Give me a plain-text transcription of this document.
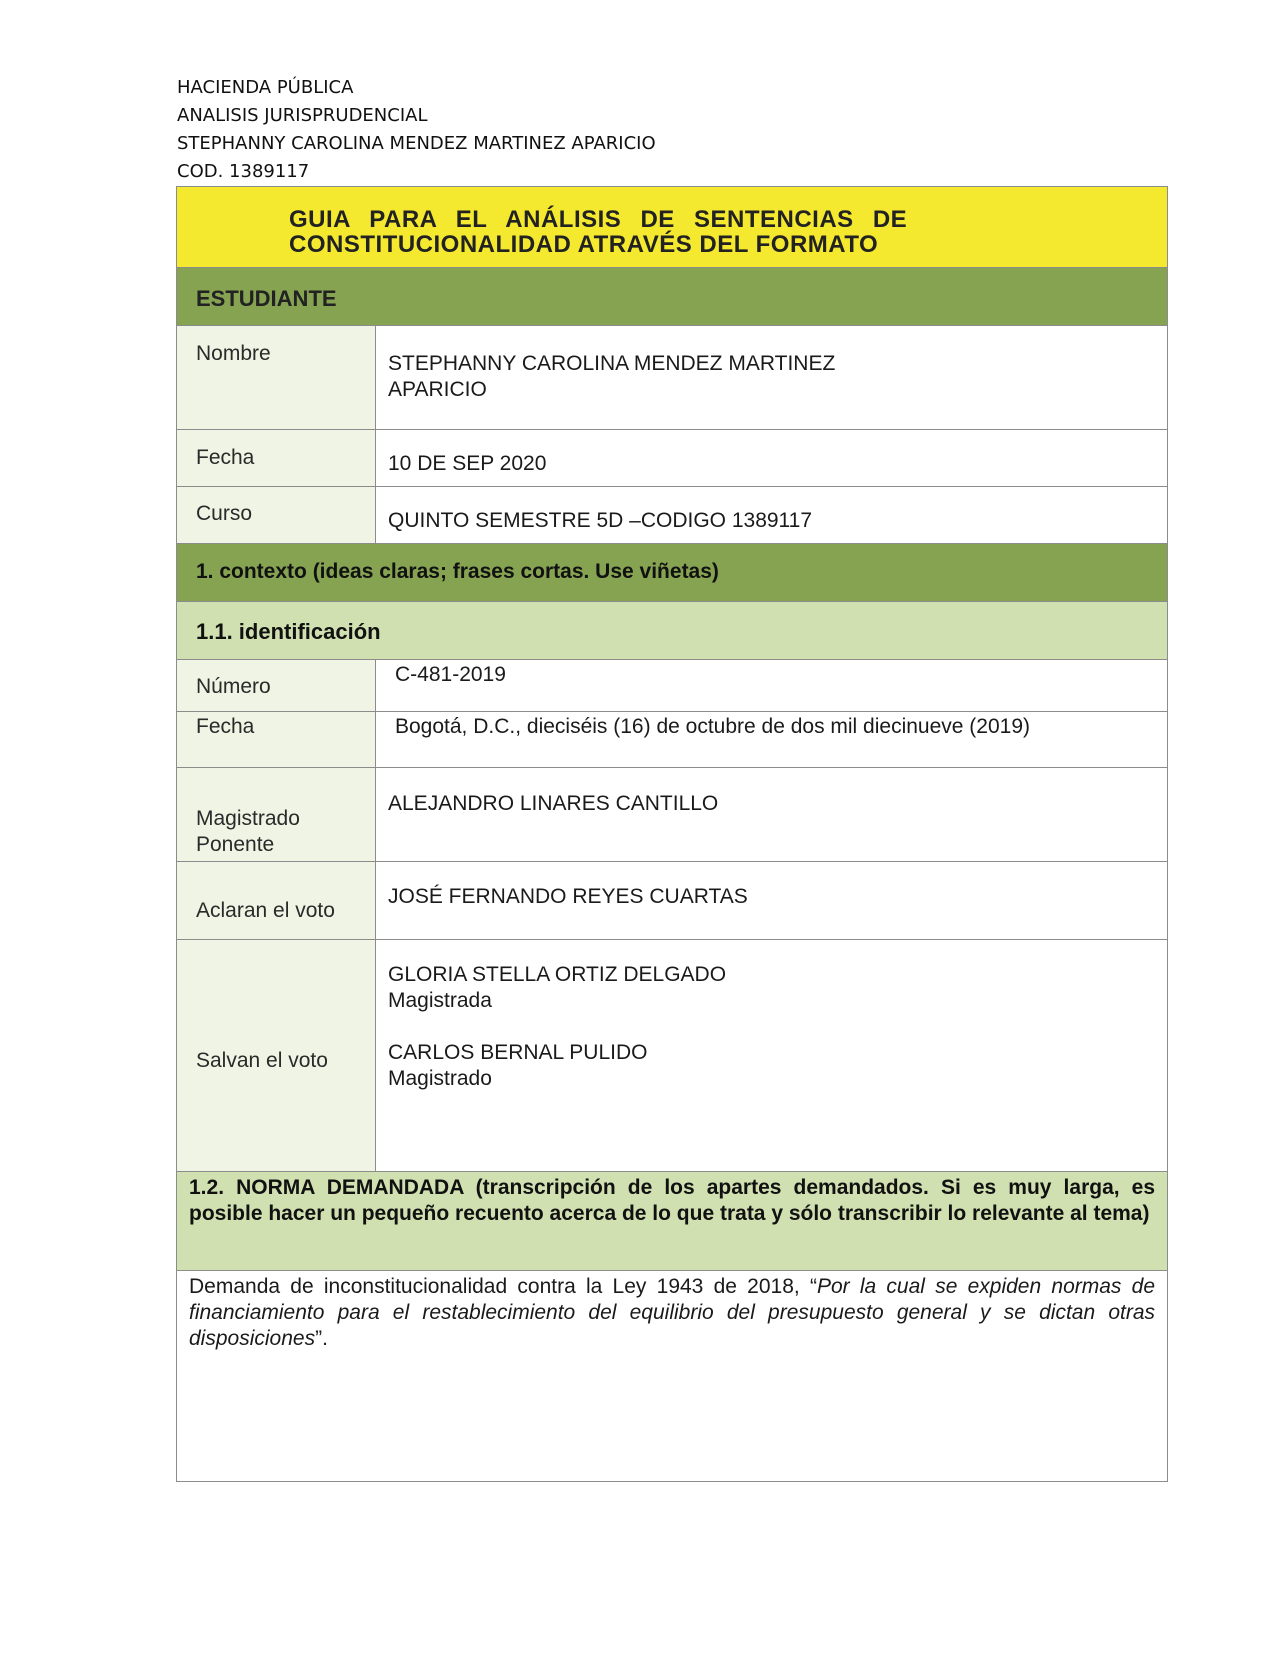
HACIENDA PÚBLICA
ANALISIS JURISPRUDENCIAL
STEPHANNY CAROLINA MENDEZ MARTINEZ APARICIO
COD. 1389117
GUIA PARA EL ANÁLISIS DE SENTENCIAS DE
CONSTITUCIONALIDAD ATRAVÉS DEL FORMATO	

ESTUDIANTE	

Nombre	STEPHANNY CAROLINA MENDEZ MARTINEZ
APARICIO

Fecha	10 DE SEP 2020

Curso	QUINTO SEMESTRE 5D –CODIGO 1389117

1. contexto (ideas claras; frases cortas. Use viñetas)	

1.1. identificación	

Número	C-481-2019

Fecha	Bogotá, D.C., dieciséis (16) de octubre de dos mil diecinueve (2019)

Magistrado
Ponente	ALEJANDRO LINARES CANTILLO

Aclaran el voto	JOSÉ FERNANDO REYES CUARTAS

Salvan el voto	GLORIA STELLA ORTIZ DELGADO
Magistrada
CARLOS BERNAL PULIDO
Magistrado

1.2. NORMA DEMANDADA (transcripción de los apartes demandados. Si es muy larga, es posible hacer un pequeño recuento acerca de lo que trata y sólo transcribir lo relevante al tema)	

Demanda de inconstitucionalidad contra la Ley 1943 de 2018, “Por la cual se expiden normas de financiamiento para el restablecimiento del equilibrio del presupuesto general y se dictan otras disposiciones”.	
